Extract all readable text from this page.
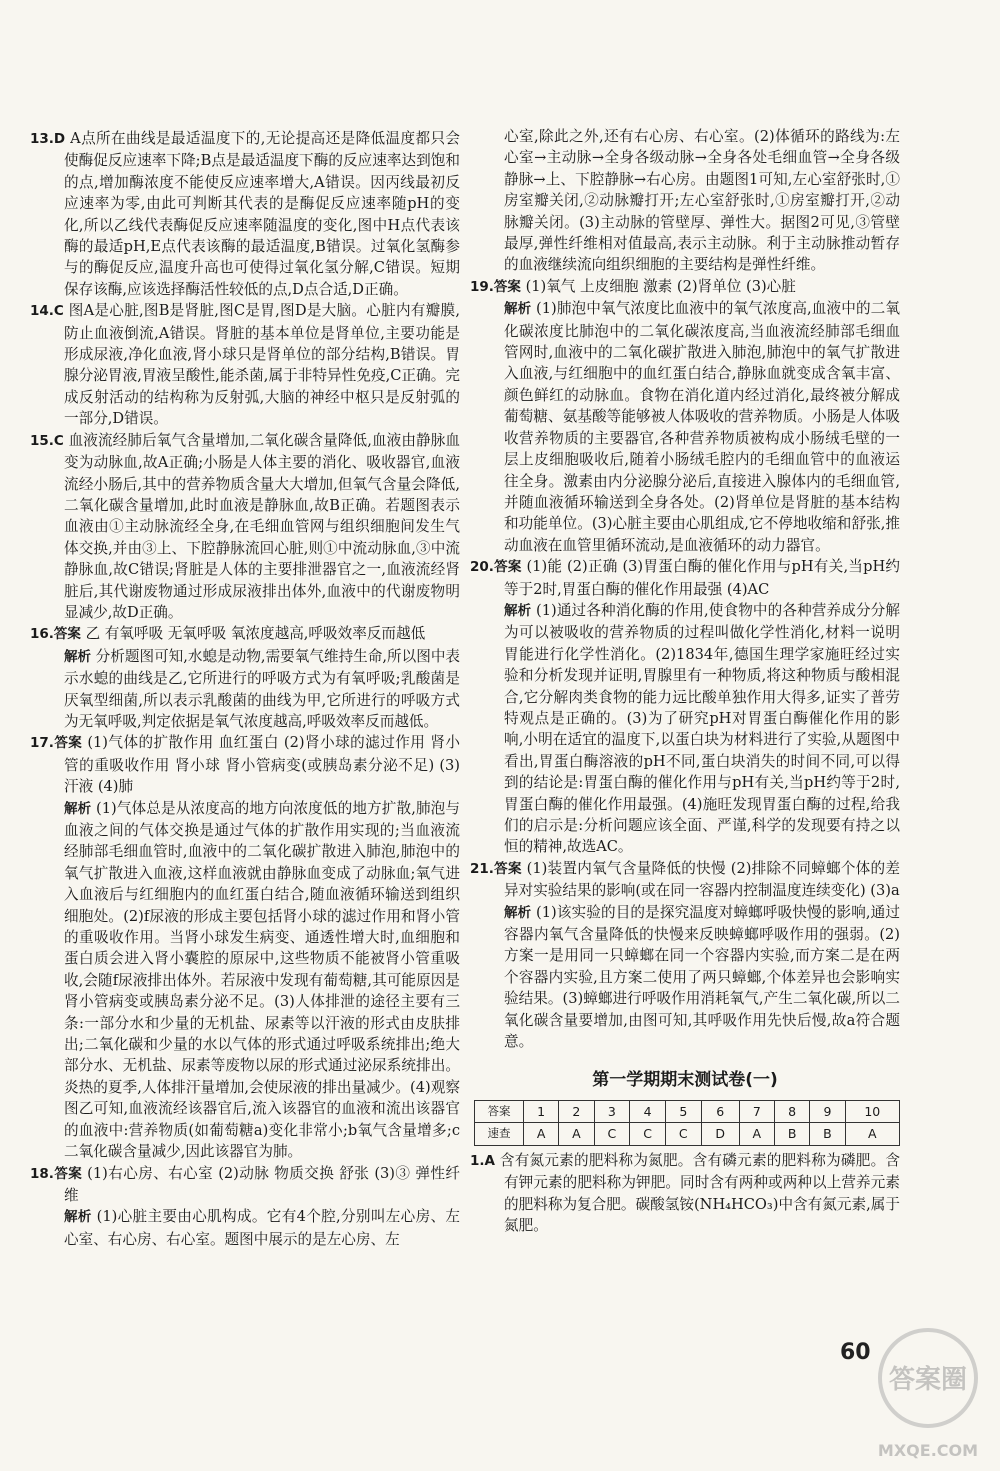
13.D A点所在曲线是最适温度下的,无论提高还是降低温度都只会使酶促反应速率下降;B点是最适温度下酶的反应速率达到饱和的点,增加酶浓度不能使反应速率增大,A错误。因丙线最初反应速率为零,由此可判断其代表的是酶促反应速率随pH的变化,所以乙线代表酶促反应速率随温度的变化,图中H点代表该酶的最适pH,E点代表该酶的最适温度,B错误。过氧化氢酶参与的酶促反应,温度升高也可使得过氧化氢分解,C错误。短期保存该酶,应该选择酶活性较低的点,D点合适,D正确。

14.C 图A是心脏,图B是肾脏,图C是胃,图D是大脑。心脏内有瓣膜,防止血液倒流,A错误。肾脏的基本单位是肾单位,主要功能是形成尿液,净化血液,肾小球只是肾单位的部分结构,B错误。胃腺分泌胃液,胃液呈酸性,能杀菌,属于非特异性免疫,C正确。完成反射活动的结构称为反射弧,大脑的神经中枢只是反射弧的一部分,D错误。

15.C 血液流经肺后氧气含量增加,二氧化碳含量降低,血液由静脉血变为动脉血,故A正确;小肠是人体主要的消化、吸收器官,血液流经小肠后,其中的营养物质含量大大增加,但氧气含量会降低,二氧化碳含量增加,此时血液是静脉血,故B正确。若题图表示血液由①主动脉流经全身,在毛细血管网与组织细胞间发生气体交换,并由③上、下腔静脉流回心脏,则①中流动脉血,③中流静脉血,故C错误;肾脏是人体的主要排泄器官之一,血液流经肾脏后,其代谢废物通过形成尿液排出体外,血液中的代谢废物明显减少,故D正确。

16.答案 乙 有氧呼吸 无氧呼吸 氧浓度越高,呼吸效率反而越低

解析 分析题图可知,水螅是动物,需要氧气维持生命,所以图中表示水螅的曲线是乙,它所进行的呼吸方式为有氧呼吸;乳酸菌是厌氧型细菌,所以表示乳酸菌的曲线为甲,它所进行的呼吸方式为无氧呼吸,判定依据是氧气浓度越高,呼吸效率反而越低。

17.答案 (1)气体的扩散作用 血红蛋白 (2)肾小球的滤过作用 肾小管的重吸收作用 肾小球 肾小管病变(或胰岛素分泌不足) (3)汗液 (4)肺

解析 (1)气体总是从浓度高的地方向浓度低的地方扩散,肺泡与血液之间的气体交换是通过气体的扩散作用实现的;当血液流经肺部毛细血管时,血液中的二氧化碳扩散进入肺泡,肺泡中的氧气扩散进入血液,这样血液就由静脉血变成了动脉血;氧气进入血液后与红细胞内的血红蛋白结合,随血液循环输送到组织细胞处。(2)f尿液的形成主要包括肾小球的滤过作用和肾小管的重吸收作用。当肾小球发生病变、通透性增大时,血细胞和蛋白质会进入肾小囊腔的原尿中,这些物质不能被肾小管重吸收,会随f尿液排出体外。若尿液中发现有葡萄糖,其可能原因是肾小管病变或胰岛素分泌不足。(3)人体排泄的途径主要有三条:一部分水和少量的无机盐、尿素等以汗液的形式由皮肤排出;二氧化碳和少量的水以气体的形式通过呼吸系统排出;绝大部分水、无机盐、尿素等废物以尿的形式通过泌尿系统排出。炎热的夏季,人体排汗量增加,会使尿液的排出量减少。(4)观察图乙可知,血液流经该器官后,流入该器官的血液和流出该器官的血液中:营养物质(如葡萄糖a)变化非常小;b氧气含量增多;c二氧化碳含量减少,因此该器官为肺。

18.答案 (1)右心房、右心室 (2)动脉 物质交换 舒张 (3)③ 弹性纤维

解析 (1)心脏主要由心肌构成。它有4个腔,分别叫左心房、左心室、右心房、右心室。题图中展示的是左心房、左

心室,除此之外,还有右心房、右心室。(2)体循环的路线为:左心室→主动脉→全身各级动脉→全身各处毛细血管→全身各级静脉→上、下腔静脉→右心房。由题图1可知,左心室舒张时,①房室瓣关闭,②动脉瓣打开;左心室舒张时,①房室瓣打开,②动脉瓣关闭。(3)主动脉的管壁厚、弹性大。据图2可见,③管壁最厚,弹性纤维相对值最高,表示主动脉。利于主动脉推动暂存的血液继续流向组织细胞的主要结构是弹性纤维。

19.答案 (1)氧气 上皮细胞 激素 (2)肾单位 (3)心脏

解析 (1)肺泡中氧气浓度比血液中的氧气浓度高,血液中的二氧化碳浓度比肺泡中的二氧化碳浓度高,当血液流经肺部毛细血管网时,血液中的二氧化碳扩散进入肺泡,肺泡中的氧气扩散进入血液,与红细胞中的血红蛋白结合,静脉血就变成含氧丰富、颜色鲜红的动脉血。食物在消化道内经过消化,最终被分解成葡萄糖、氨基酸等能够被人体吸收的营养物质。小肠是人体吸收营养物质的主要器官,各种营养物质被构成小肠绒毛壁的一层上皮细胞吸收后,随着小肠绒毛腔内的毛细血管中的血液运往全身。激素由内分泌腺分泌后,直接进入腺体内的毛细血管,并随血液循环输送到全身各处。(2)肾单位是肾脏的基本结构和功能单位。(3)心脏主要由心肌组成,它不停地收缩和舒张,推动血液在血管里循环流动,是血液循环的动力器官。

20.答案 (1)能 (2)正确 (3)胃蛋白酶的催化作用与pH有关,当pH约等于2时,胃蛋白酶的催化作用最强 (4)AC

解析 (1)通过各种消化酶的作用,使食物中的各种营养成分分解为可以被吸收的营养物质的过程叫做化学性消化,材料一说明胃能进行化学性消化。(2)1834年,德国生理学家施旺经过实验和分析发现并证明,胃腺里有一种物质,将这种物质与酸相混合,它分解肉类食物的能力远比酸单独作用大得多,证实了普劳特观点是正确的。(3)为了研究pH对胃蛋白酶催化作用的影响,小明在适宜的温度下,以蛋白块为材料进行了实验,从题图中看出,胃蛋白酶溶液的pH不同,蛋白块消失的时间不同,可以得到的结论是:胃蛋白酶的催化作用与pH有关,当pH约等于2时,胃蛋白酶的催化作用最强。(4)施旺发现胃蛋白酶的过程,给我们的启示是:分析问题应该全面、严谨,科学的发现要有持之以恒的精神,故选AC。

21.答案 (1)装置内氧气含量降低的快慢 (2)排除不同蟑螂个体的差异对实验结果的影响(或在同一容器内控制温度连续变化) (3)a

解析 (1)该实验的目的是探究温度对蟑螂呼吸快慢的影响,通过容器内氧气含量降低的快慢来反映蟑螂呼吸作用的强弱。(2)方案一是用同一只蟑螂在同一个容器内实验,而方案二是在两个容器内实验,且方案二使用了两只蟑螂,个体差异也会影响实验结果。(3)蟑螂进行呼吸作用消耗氧气,产生二氧化碳,所以二氧化碳含量要增加,由图可知,其呼吸作用先快后慢,故a符合题意。

第一学期期末测试卷(一)
答案	1	2	3	4	5	6	7	8	9	10
速查	A	A	C	C	C	D	A	B	B	A

1.A 含有氮元素的肥料称为氮肥。含有磷元素的肥料称为磷肥。含有钾元素的肥料称为钾肥。同时含有两种或两种以上营养元素的肥料称为复合肥。碳酸氢铵(NH₄HCO₃)中含有氮元素,属于氮肥。

60
答案圈
MXQE.COM
